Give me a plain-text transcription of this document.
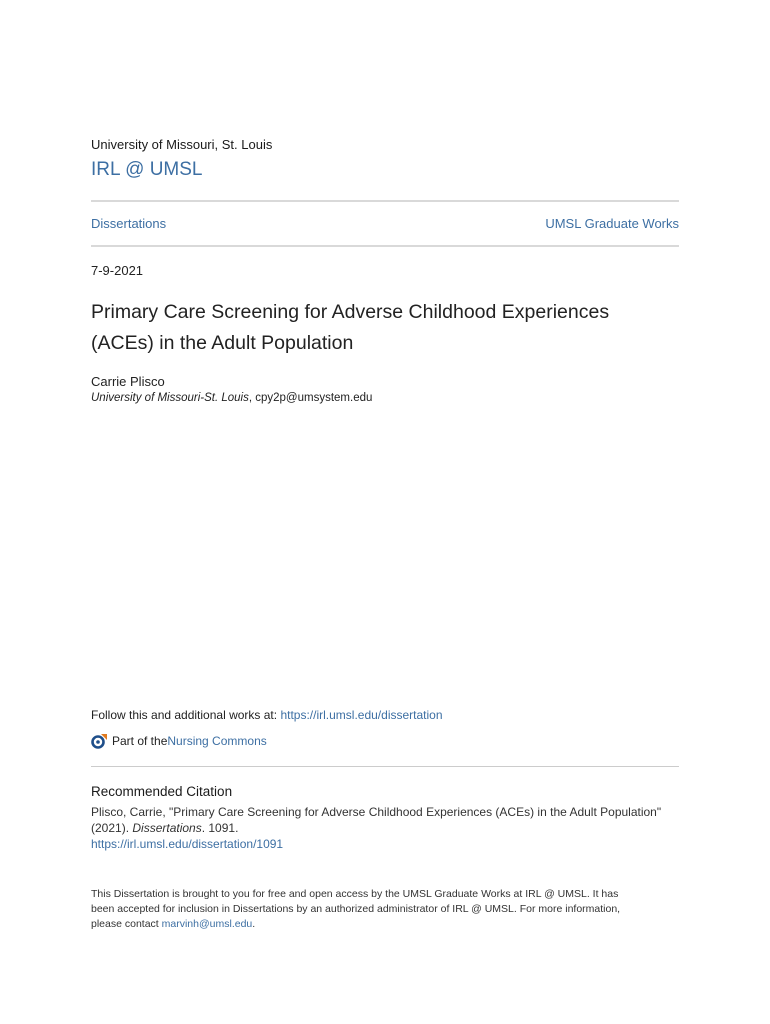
University of Missouri, St. Louis
IRL @ UMSL
Dissertations	UMSL Graduate Works
7-9-2021
Primary Care Screening for Adverse Childhood Experiences
(ACEs) in the Adult Population
Carrie Plisco
University of Missouri-St. Louis, cpy2p@umsystem.edu
Follow this and additional works at: https://irl.umsl.edu/dissertation
Part of the Nursing Commons
Recommended Citation
Plisco, Carrie, "Primary Care Screening for Adverse Childhood Experiences (ACEs) in the Adult Population"
(2021). Dissertations. 1091.
https://irl.umsl.edu/dissertation/1091
This Dissertation is brought to you for free and open access by the UMSL Graduate Works at IRL @ UMSL. It has
been accepted for inclusion in Dissertations by an authorized administrator of IRL @ UMSL. For more information,
please contact marvinh@umsl.edu.
